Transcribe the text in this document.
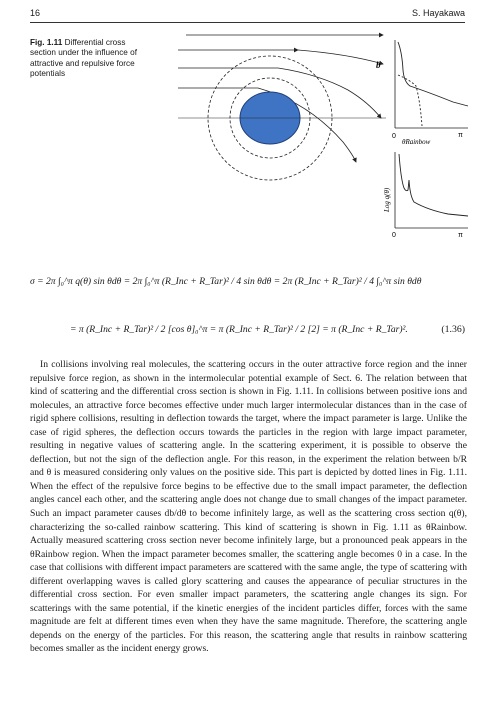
16	S. Hayakawa
Fig. 1.11 Differential cross section under the influence of attractive and repulsive force potentials
b
0	π
θRainbow
Log q(θ)
0	π
σ = 2π ∫₀^π q(θ) sin θdθ = 2π ∫₀^π (R_Inc + R_Tar)² / 4 sin θdθ = 2π (R_Inc + R_Tar)² / 4 ∫₀^π sin θdθ
= π (R_Inc + R_Tar)² / 2 [cos θ]₀^π = π (R_Inc + R_Tar)² / 2 [2] = π (R_Inc + R_Tar)².	(1.36)

In collisions involving real molecules, the scattering occurs in the outer attractive force region and the inner repulsive force region, as shown in the intermolecular potential example of Sect. 6. The relation between that kind of scattering and the differential cross section is shown in Fig. 1.11. In collisions between positive ions and molecules, an attractive force becomes effective under much larger intermolecular distances than in the case of rigid sphere collisions, resulting in deflection towards the target, where the impact parameter is large. Unlike the case of rigid spheres, the deflection occurs towards the particles in the region with large impact parameter, resulting in negative values of scattering angle. In the scattering experiment, it is possible to observe the deflection, but not the sign of the deflection angle. For this reason, in the experiment the relation between b/R and θ is measured considering only values on the positive side. This part is depicted by dotted lines in Fig. 1.11. When the effect of the repulsive force begins to be effective due to the small impact parameter, the deflection angles cancel each other, and the scattering angle does not change due to small changes of the impact parameter. Such an impact parameter causes db/dθ to become infinitely large, as well as the scattering cross section q(θ), characterizing the so-called rainbow scattering. This kind of scattering is shown in Fig. 1.11 as θRainbow. Actually measured scattering cross section never become infinitely large, but a pronounced peak appears in the θRainbow region. When the impact parameter becomes smaller, the scattering angle becomes 0 in a case. In the case that collisions with different impact parameters are scattered with the same angle, the type of scattering with different overlapping waves is called glory scattering and causes the appearance of peculiar structures in the differential cross section. For even smaller impact parameters, the scattering angle changes its sign. For scatterings with the same potential, if the kinetic energies of the incident particles differ, forces with the same magnitude are felt at different times even when they have the same magnitude. Therefore, the scattering angle depends on the energy of the particles. For this reason, the scattering angle that results in rainbow scattering becomes smaller as the incident energy grows.
